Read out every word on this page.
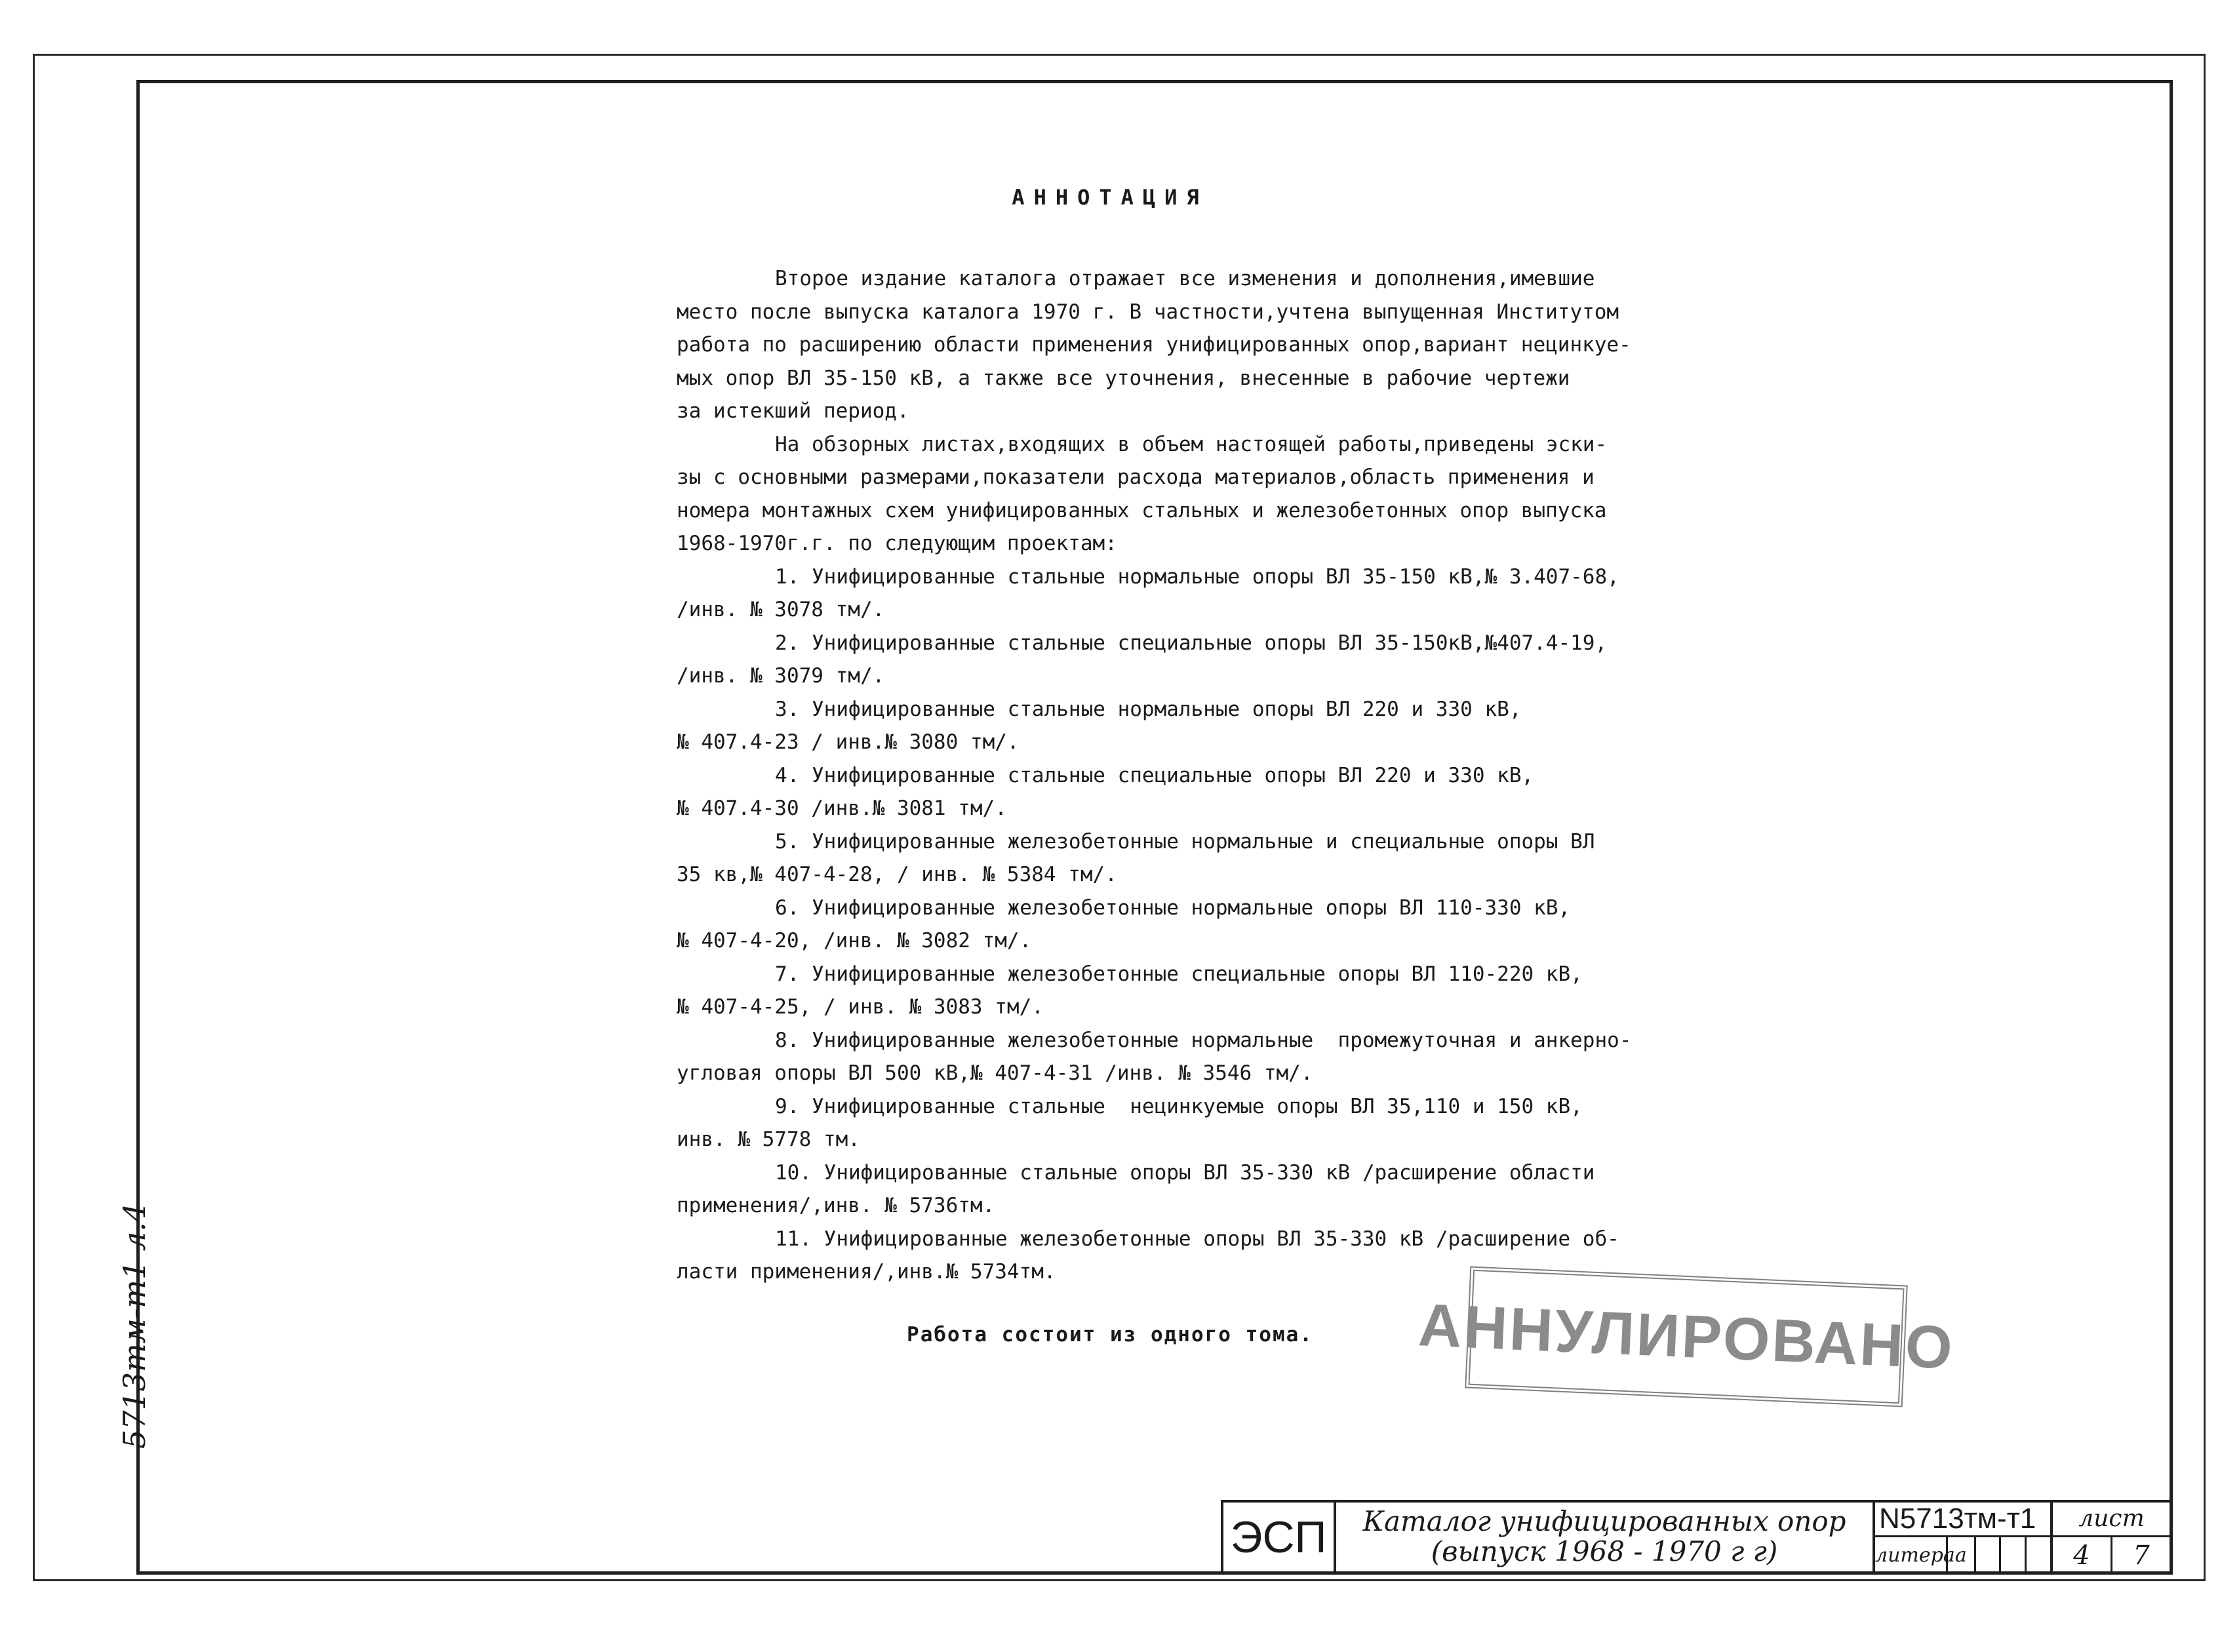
АННОТАЦИЯ
Второе издание каталога отражает все изменения и дополнения,имевшие
место после выпуска каталога 1970 г. В частности,учтена выпущенная Институтом
работа по расширению области применения унифицированных опор,вариант нецинкуе-
мых опор ВЛ 35-150 кВ, а также все уточнения, внесенные в рабочие чертежи
за истекший период.
На обзорных листах,входящих в объем настоящей работы,приведены эски-
зы с основными размерами,показатели расхода материалов,область применения и
номера монтажных схем унифицированных стальных и железобетонных опор выпуска
1968-1970г.г. по следующим проектам:
1. Унифицированные стальные нормальные опоры ВЛ 35-150 кВ,№ 3.407-68,
/инв. № 3078 тм/.
2. Унифицированные стальные специальные опоры ВЛ 35-150кВ,№407.4-19,
/инв. № 3079 тм/.
3. Унифицированные стальные нормальные опоры ВЛ 220 и 330 кВ,
№ 407.4-23 / инв.№ 3080 тм/.
4. Унифицированные стальные специальные опоры ВЛ 220 и 330 кВ,
№ 407.4-30 /инв.№ 3081 тм/.
5. Унифицированные железобетонные нормальные и специальные опоры ВЛ
35 кв,№ 407-4-28, / инв. № 5384 тм/.
6. Унифицированные железобетонные нормальные опоры ВЛ 110-330 кВ,
№ 407-4-20, /инв. № 3082 тм/.
7. Унифицированные железобетонные специальные опоры ВЛ 110-220 кВ,
№ 407-4-25, / инв. № 3083 тм/.
8. Унифицированные железобетонные нормальные  промежуточная и анкерно-
угловая опоры ВЛ 500 кВ,№ 407-4-31 /инв. № 3546 тм/.
9. Унифицированные стальные  нецинкуемые опоры ВЛ 35,110 и 150 кВ,
инв. № 5778 тм.
10. Унифицированные стальные опоры ВЛ 35-330 кВ /расширение области
применения/,инв. № 5736тм.
11. Унифицированные железобетонные опоры ВЛ 35-330 кВ /расширение об-
ласти применения/,инв.№ 5734тм.
Работа состоит из одного тома.
5713тм-т1 л.4	АННУЛИРОВАНО
ЭСП	Каталог унифицированных опор
(выпуск 1968 - 1970 г г)
N5713тм-т1
литера а
лист
4	7
